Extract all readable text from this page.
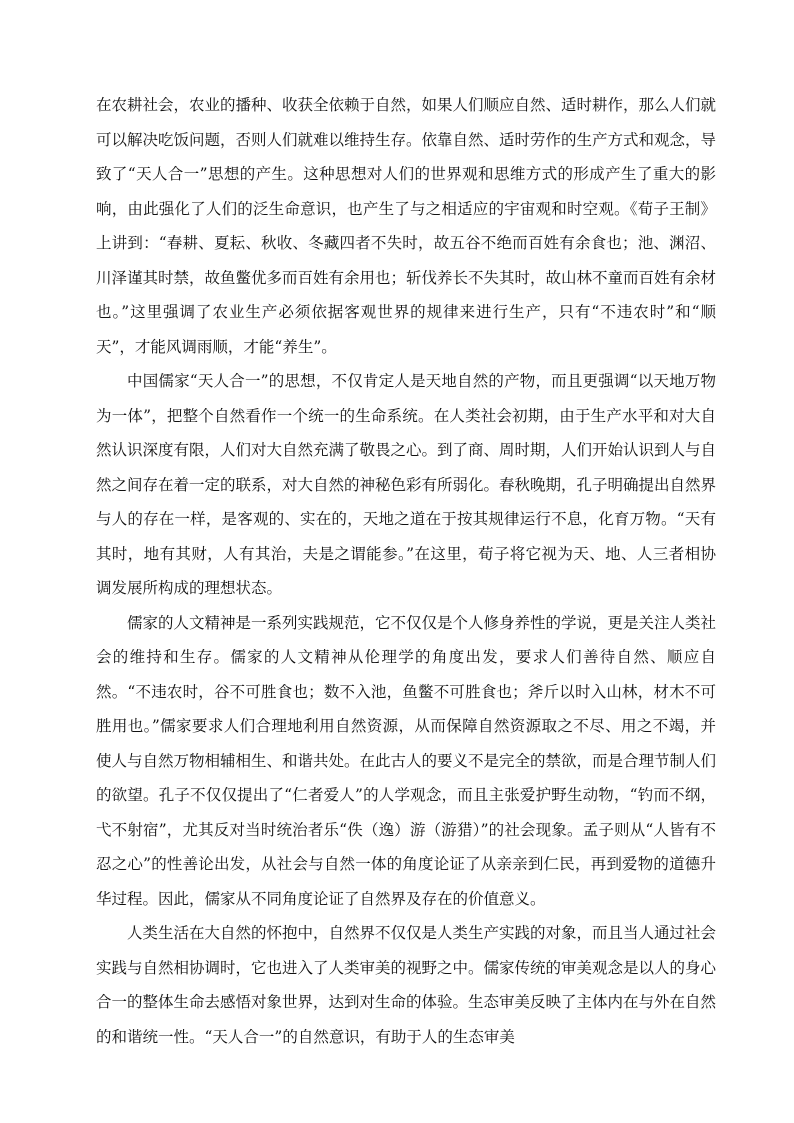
在农耕社会，农业的播种、收获全依赖于自然，如果人们顺应自然、适时耕作，那么人们就可以解决吃饭问题，否则人们就难以维持生存。依靠自然、适时劳作的生产方式和观念，导致了“天人合一”思想的产生。这种思想对人们的世界观和思维方式的形成产生了重大的影响，由此强化了人们的泛生命意识，也产生了与之相适应的宇宙观和时空观。《荀子王制》上讲到：“春耕、夏耘、秋收、冬藏四者不失时，故五谷不绝而百姓有余食也；池、渊沼、川泽谨其时禁，故鱼鳖优多而百姓有余用也；斩伐养长不失其时，故山林不童而百姓有余材也。”这里强调了农业生产必须依据客观世界的规律来进行生产，只有“不违农时”和“顺天”，才能风调雨顺，才能“养生”。

中国儒家“天人合一”的思想，不仅肯定人是天地自然的产物，而且更强调“以天地万物为一体”，把整个自然看作一个统一的生命系统。在人类社会初期，由于生产水平和对大自然认识深度有限，人们对大自然充满了敬畏之心。到了商、周时期，人们开始认识到人与自然之间存在着一定的联系，对大自然的神秘色彩有所弱化。春秋晚期，孔子明确提出自然界与人的存在一样，是客观的、实在的，天地之道在于按其规律运行不息，化育万物。“天有其时，地有其财，人有其治，夫是之谓能参。”在这里，荀子将它视为天、地、人三者相协调发展所构成的理想状态。

儒家的人文精神是一系列实践规范，它不仅仅是个人修身养性的学说，更是关注人类社会的维持和生存。儒家的人文精神从伦理学的角度出发，要求人们善待自然、顺应自然。“不违农时，谷不可胜食也；数不入池，鱼鳖不可胜食也；斧斤以时入山林，材木不可胜用也。”儒家要求人们合理地利用自然资源，从而保障自然资源取之不尽、用之不竭，并使人与自然万物相辅相生、和谐共处。在此古人的要义不是完全的禁欲，而是合理节制人们的欲望。孔子不仅仅提出了“仁者爱人”的人学观念，而且主张爱护野生动物，“钓而不纲，弋不射宿”，尤其反对当时统治者乐“佚（逸）游（游猎）”的社会现象。孟子则从“人皆有不忍之心”的性善论出发，从社会与自然一体的角度论证了从亲亲到仁民，再到爱物的道德升华过程。因此，儒家从不同角度论证了自然界及存在的价值意义。

人类生活在大自然的怀抱中，自然界不仅仅是人类生产实践的对象，而且当人通过社会实践与自然相协调时，它也进入了人类审美的视野之中。儒家传统的审美观念是以人的身心合一的整体生命去感悟对象世界，达到对生命的体验。生态审美反映了主体内在与外在自然的和谐统一性。“天人合一”的自然意识，有助于人的生态审美
